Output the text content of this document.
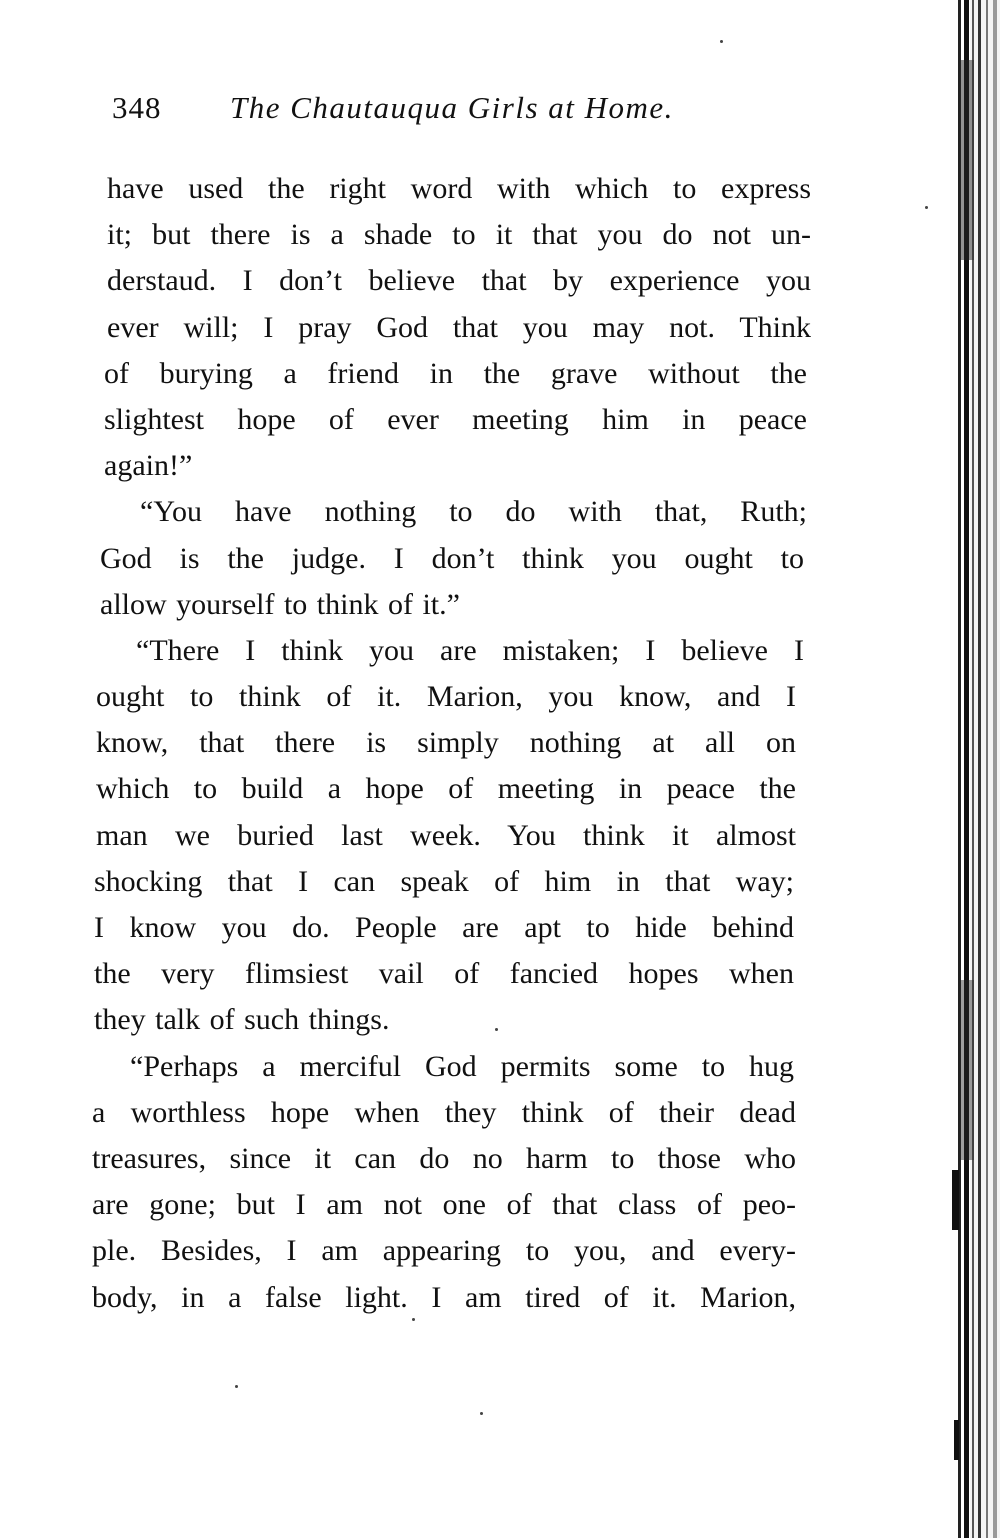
348 The Chautauqua Girls at Home.
have used the right word with which to express
it; but there is a shade to it that you do not un-
derstaud. I don’t believe that by experience you
ever will; I pray God that you may not. Think
of burying a friend in the grave without the
slightest hope of ever meeting him in peace
again!”
“You have nothing to do with that, Ruth;
God is the judge. I don’t think you ought to
allow yourself to think of it.”
“There I think you are mistaken; I believe I
ought to think of it. Marion, you know, and I
know, that there is simply nothing at all on
which to build a hope of meeting in peace the
man we buried last week. You think it almost
shocking that I can speak of him in that way;
I know you do. People are apt to hide behind
the very flimsiest vail of fancied hopes when
they talk of such things.
“Perhaps a merciful God permits some to hug
a worthless hope when they think of their dead
treasures, since it can do no harm to those who
are gone; but I am not one of that class of peo-
ple. Besides, I am appearing to you, and every-
body, in a false light. I am tired of it. Marion,
